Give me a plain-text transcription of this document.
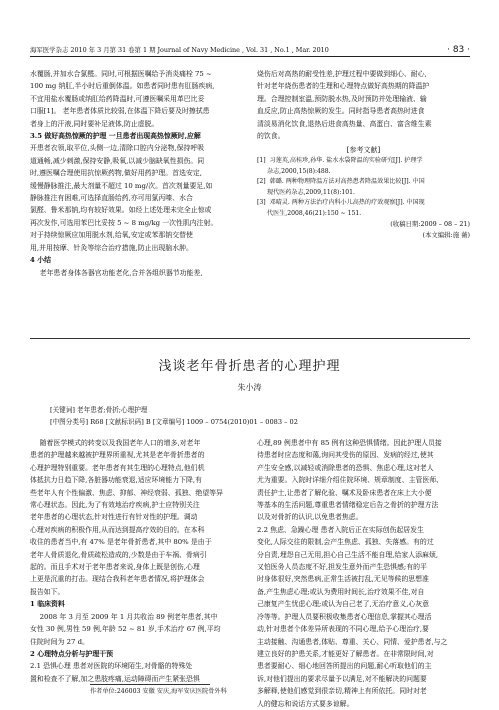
海军医学杂志 2010 年 3 月第 31 卷第 1 期 Journal of Navy Medicine , Vol. 31 , No.1 , Mar. 2010	· 83 ·

水覆肠,并加水合氯醛。同时,可根据医嘱给予消炎痛栓 75 ~

100 mg 纳肛,半小时后重倒体温。如患者同时患有肛肠疾病,

不宜用盐水覆肠或纳肛给药降温时,可遵医嘱采用革巴比妥

口服[1]。 老年患者体质比较弱,在体温下降后要及时擦拭患

者身上的汗液,同时要补足液体,防止虚脱。

3.5 做好高热惊厥的护理 一旦患者出现高热惊厥时,应解

开患者衣领,取平位,头侧一边,清除口腔内分泌物,保持呼吸

道通畅,减少刺激,保持安静,吸氧,以减少脑缺氧性损伤。同

时,遵医嘱合理使用抗惊厥药物,做好用药护理。首选安定,

缓慢静脉推注,最大剂量不超过 10 mg/次。首次剂量要足,如

静脉推注有困难,可选择直肠给药,亦可用氯丙嗪、水合

氯醛、鲁米那钠,均有较好效果。如经上述处理未完全止惊或

再次发作,可选用苯巴比妥按 5 ~ 8 mg/kg 一次性肌内注射。

对于持续惊厥应加用脱水剂,给氧,安定或苯那钠交替使

用,并用按摩、针灸等综合治疗措施,防止出现脑水肿。

4 小结

老年患者身体各器官功能老化,合并各组织器节功能差,

烧伤后对高热的耐受性差,护理过程中要做到细心、耐心,

针对老年烧伤患者的生理和心理特点做好高热期的降温护

理。合理控制室温,预防脱水热,及时预防并处理输液、输

血反应,防止高热惊厥的发生。同时指导患者高热时进食

清淡易消化饮食,退热后进食高热量、高蛋白、富含维生素

的饮食。

[参考文献]

[1] 习莲英,高桂珍,孙华. 盐水水袋降温的实验研究[J]. 护理学
杂志,2000,15(8):488.
[2] 韩璐. 两种物理降温方法对高热患者降温效果比较[J]. 中国
现代医药杂志,2009,11(8):101.
[3] 邓晴灵. 两种方法治疗内科小儿高热的疗效观察[J]. 中国现
代医生,2008,46(21):150 ~ 151.
(收稿日期:2009 – 08 – 21)
(本文编辑:施 薇)
浅谈老年骨折患者的心理护理
朱小涛
[关键词] 老年患者;骨折;心理护理
[中图分类号] R68 [文献标识码] B [文章编号] 1009 – 0754(2010)01 – 0083 – 02

随着医学模式的转变以及我国老年人口的增多,对老年

患者的护理越来越被护理界所重视,尤其是老年骨折患者的

心理护理特别重要。老年患者有其生理的心理特点,他们机

体抵抗力日趋下降,各脏器功能衰退,适应环境能力下降,有

些老年人有个性偏激、焦虑、抑郁、神经衰弱、孤独、绝望等异

常心理状态。因此,为了有效地治疗疾病,护士应特别关注

老年患者的心理状态,针对性进行有针对性的护理。调动

心理对疾病的积极作用,从而达到提高疗效的目的。在本科

收住的患者当中,有 47% 是老年骨折患者,其中 80% 是由于

老年人骨质退化,骨质疏松造成的,少数是由于车祸、骨病引

起的。而且手术对于老年患者来说,身体上既是创伤,心理

上更是沉重的打击。现结合我科老年患者情况,将护理体会

报告如下。

1 临床资料

2008 年 3 月至 2009 年 1 月共收治 89 例老年患者,其中

女性 30 例,男性 59 例,年龄 52 ~ 81 岁,手术治疗 67 例,平均

住院时间为 27 d。

2 心理特点分析与护理干预

2.1 恐惧心理 患者对医院的环境陌生,对骨骼的特殊处

置和检查不了解,加之患肢疼痛,运动障碍而产生紧张恐惧

心理,89 例患者中有 85 例有这种恐惧情绪。因此护理人员接

待患者时应态度和蔼,询问其受伤的原因、发病的经过,使其

产生安全感,以减轻或消除患者的恐惧、焦虑心理,这对老人

尤为重要。入院时详细介绍住院环境、规章制度、主管医师、

责任护士,让患者了解化验、嘱术及卧床患者在床上大小便

等基本的生活问题,尊重患者情绪稳定后告之骨折的护理方法

以及对骨折的认识,以免患者焦虑。

2.2 焦虑、急躁心理 患者入院后正在实际创伤起居发生

变化,人际交往的限制,会产生焦虑、孤独、失落感。有的过

分自责,埋怨自己无用,担心自己生活不能自理,给家人添麻烦,

又怕医务人员态度不好,担发生意外而产生恐惧感;有的平

时身体很好,突然患病,正常生活被打乱,无见等候的思想准

备,产生焦虑心理;或认为费用时间长,治疗效果不佳,对自

己康复产生忧虑心理;或认为自己老了,无治疗意义,心灰意

冷等等。护理人员要积极收集患者心理信息,掌握其心理活

动,针对患者个体差异所表现的不同心理,给予心理治疗,要

主动接触、沟通患者,体贴、尊重、关心、同情、爱护患者,与之

建立良好的护患关系,才能更好了解患者。在非常限时间,对

患者要耐心、细心地回答所提出的问题,耐心听取他们的主

诉,对他们提出的要求尽量予以满足,对不能解决的问题要

多解释,使他们感觉到很亲切,精神上有所依托。同时对老

人的健忘和说话方式要多谅解。

作者单位:246003 安徽 安庆,海军安庆医院骨外科
